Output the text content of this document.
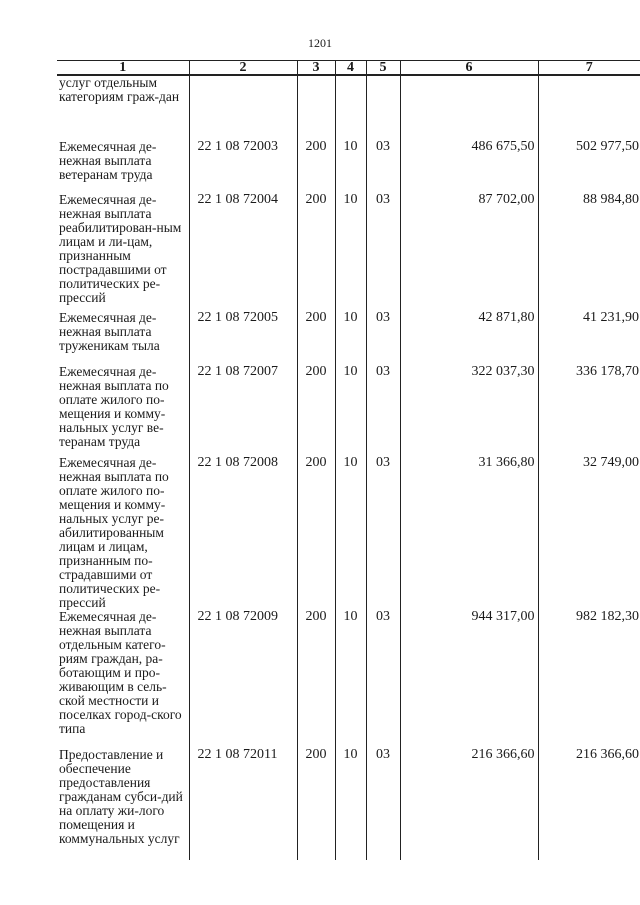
1201
1	2	3	4	5	6	7
услуг отдельным категориям граж-дан						
Ежемесячная де-нежная выплата ветеранам труда	22 1 08 72003	200	10	03	486 675,50	502 977,50
Ежемесячная де-нежная выплата реабилитирован-ным лицам и ли-цам, признанным пострадавшими от политических ре-прессий	22 1 08 72004	200	10	03	87 702,00	88 984,80
Ежемесячная де-нежная выплата труженикам тыла	22 1 08 72005	200	10	03	42 871,80	41 231,90
Ежемесячная де-нежная выплата по оплате жилого по-мещения и комму-нальных услуг ве-теранам труда	22 1 08 72007	200	10	03	322 037,30	336 178,70
Ежемесячная де-нежная выплата по оплате жилого по-мещения и комму-нальных услуг ре-абилитированным лицам и лицам, признанным по-страдавшими от политических ре-прессий	22 1 08 72008	200	10	03	31 366,80	32 749,00
Ежемесячная де-нежная выплата отдельным катего-риям граждан, ра-ботающим и про-живающим в сель-ской местности и поселках город-ского типа	22 1 08 72009	200	10	03	944 317,00	982 182,30
Предоставление и обеспечение предоставления гражданам субси-дий на оплату жи-лого помещения и коммунальных услуг	22 1 08 72011	200	10	03	216 366,60	216 366,60
